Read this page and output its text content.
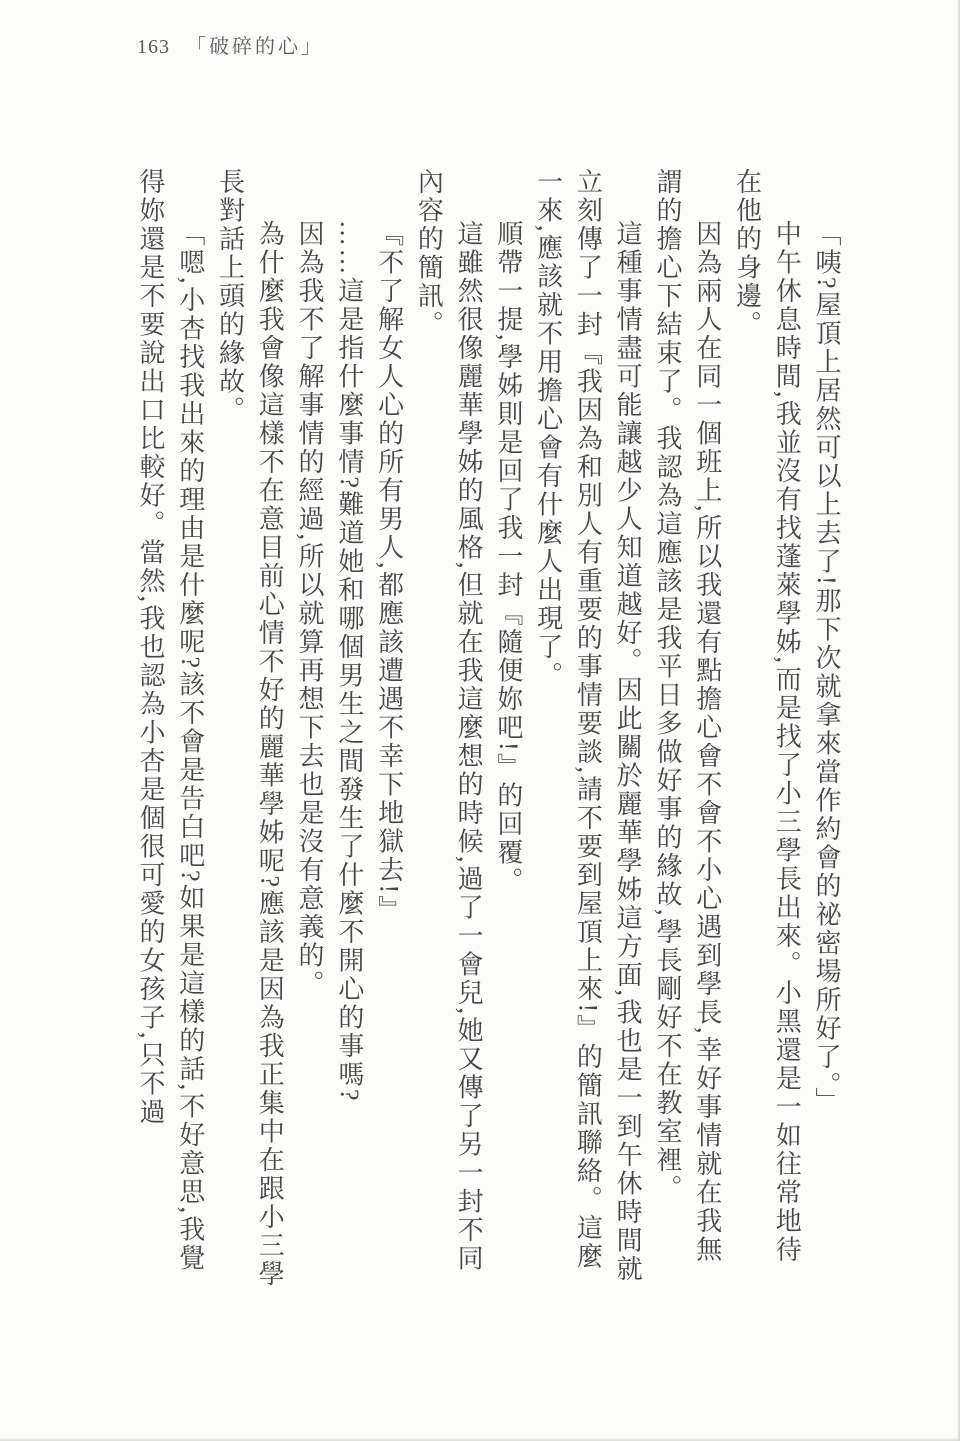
163 「破碎的心」

「咦?屋頂上居然可以上去了!那下次就拿來當作約會的祕密場所好了。」

中午休息時間,我並沒有找蓬萊學姊,而是找了小三學長出來。小黑還是一如往常地待在他的身邊。

因為兩人在同一個班上,所以我還有點擔心會不會不小心遇到學長,幸好事情就在我無謂的擔心下結束了。我認為這應該是我平日多做好事的緣故,學長剛好不在教室裡。

這種事情盡可能讓越少人知道越好。因此關於麗華學姊這方面,我也是一到午休時間就立刻傳了一封『我因為和別人有重要的事情要談,請不要到屋頂上來!』的簡訊聯絡。這麼一來,應該就不用擔心會有什麼人出現了。

順帶一提,學姊則是回了我一封『隨便妳吧!』的回覆。

這雖然很像麗華學姊的風格,但就在我這麼想的時候,過了一會兒,她又傳了另一封不同內容的簡訊。

『不了解女人心的所有男人,都應該遭遇不幸下地獄去!』

……這是指什麼事情?難道她和哪個男生之間發生了什麼不開心的事嗎?

因為我不了解事情的經過,所以就算再想下去也是沒有意義的。

為什麼我會像這樣不在意目前心情不好的麗華學姊呢?應該是因為我正集中在跟小三學長對話上頭的緣故。

「嗯,小杏找我出來的理由是什麼呢?該不會是告白吧?如果是這樣的話,不好意思,我覺得妳還是不要說出口比較好。當然,我也認為小杏是個很可愛的女孩子,只不過
